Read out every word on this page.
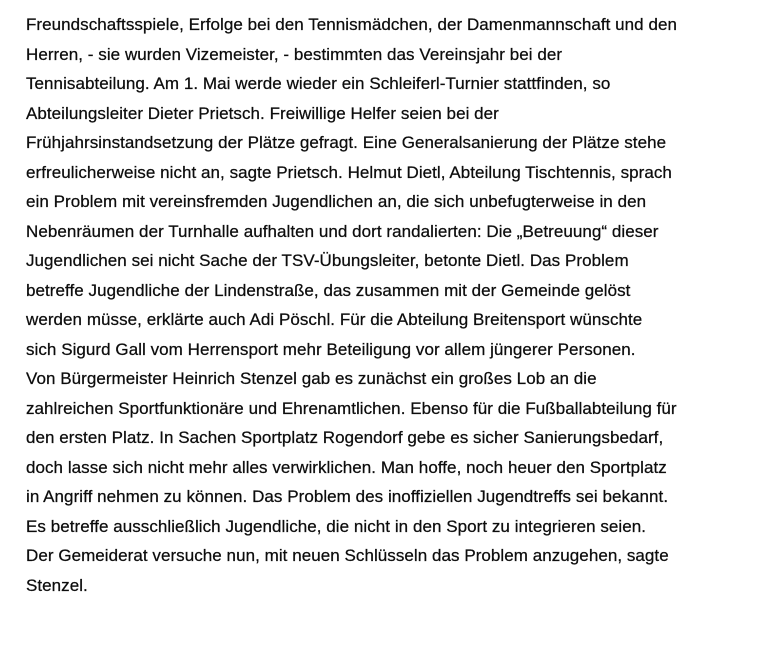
Freundschaftsspiele, Erfolge bei den Tennismädchen, der Damenmannschaft und den
Herren, - sie wurden Vizemeister, - bestimmten das Vereinsjahr bei der
Tennisabteilung. Am 1. Mai werde wieder ein Schleiferl-Turnier stattfinden, so
Abteilungsleiter Dieter Prietsch. Freiwillige Helfer seien bei der
Frühjahrsinstandsetzung der Plätze gefragt. Eine Generalsanierung der Plätze stehe
erfreulicherweise nicht an, sagte Prietsch. Helmut Dietl, Abteilung Tischtennis, sprach
ein Problem mit vereinsfremden Jugendlichen an, die sich unbefugterweise in den
Nebenräumen der Turnhalle aufhalten und dort randalierten: Die „Betreuung“ dieser
Jugendlichen sei nicht Sache der TSV-Übungsleiter, betonte Dietl. Das Problem
betreffe Jugendliche der Lindenstraße, das zusammen mit der Gemeinde gelöst
werden müsse, erklärte auch Adi Pöschl. Für die Abteilung Breitensport wünschte
sich Sigurd Gall vom Herrensport mehr Beteiligung vor allem jüngerer Personen.
Von Bürgermeister Heinrich Stenzel gab es zunächst ein großes Lob an die
zahlreichen Sportfunktionäre und Ehrenamtlichen. Ebenso für die Fußballabteilung für
den ersten Platz. In Sachen Sportplatz Rogendorf gebe es sicher Sanierungsbedarf,
doch lasse sich nicht mehr alles verwirklichen. Man hoffe, noch heuer den Sportplatz
in Angriff nehmen zu können. Das Problem des inoffiziellen Jugendtreffs sei bekannt.
Es betreffe ausschließlich Jugendliche, die nicht in den Sport zu integrieren seien.
Der Gemeiderat versuche nun, mit neuen Schlüsseln das Problem anzugehen, sagte
Stenzel.
